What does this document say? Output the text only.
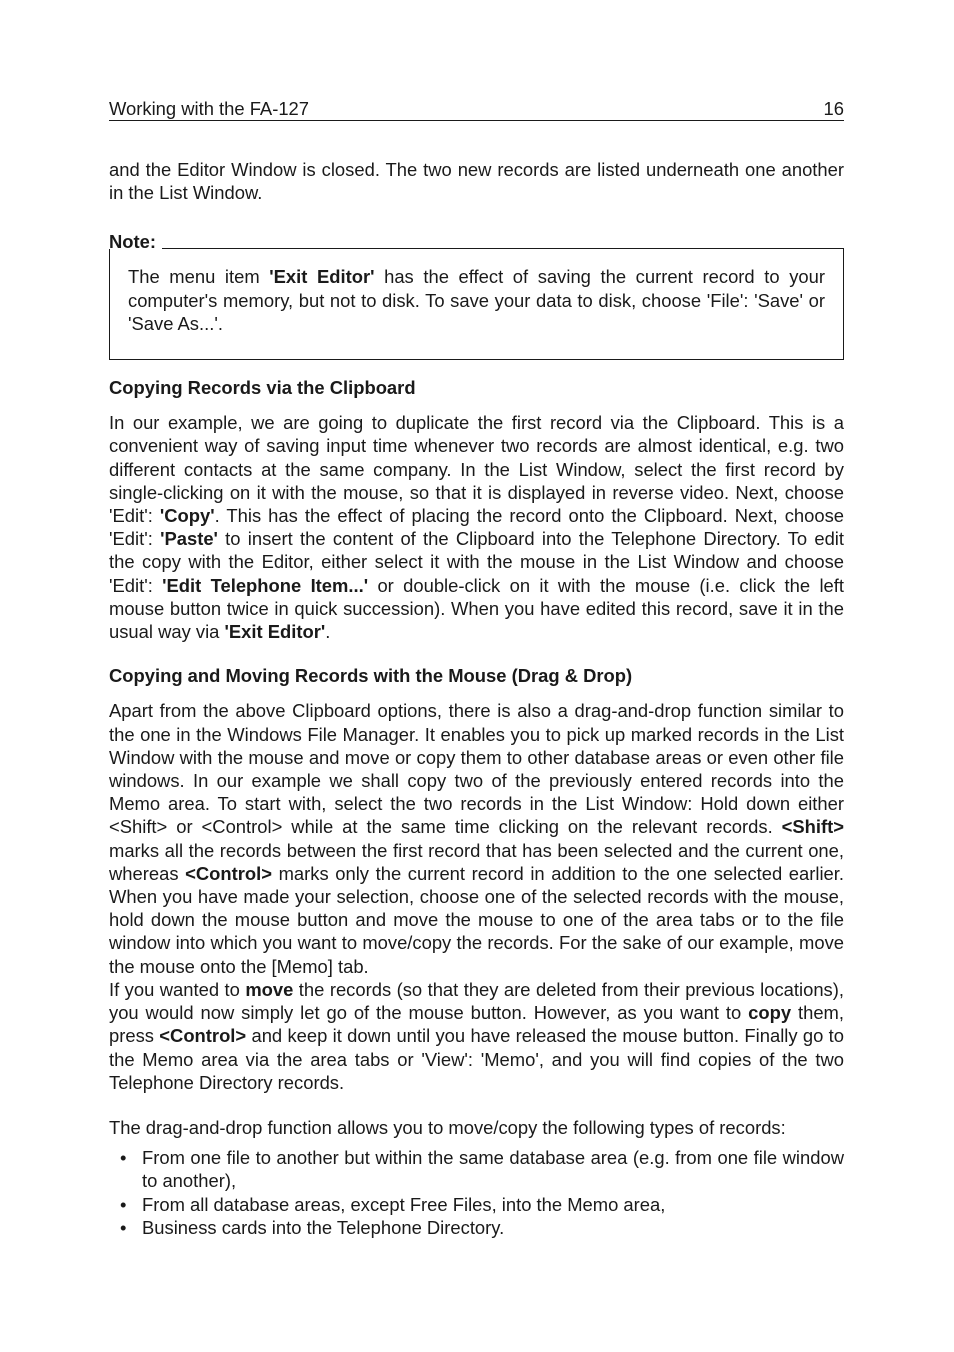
Working with the FA-127	16

and the Editor Window is closed. The two new records are listed underneath one another in the List Window.

Note:

The menu item 'Exit Editor' has the effect of saving the current record to your computer's memory, but not to disk. To save your data to disk, choose 'File': 'Save' or 'Save As...'.

Copying Records via the Clipboard

In our example, we are going to duplicate the first record via the Clipboard. This is a convenient way of saving input time whenever two records are almost identical, e.g. two different contacts at the same company. In the List Window, select the first record by single-clicking on it with the mouse, so that it is displayed in reverse video. Next, choose 'Edit': 'Copy'. This has the effect of placing the record onto the Clipboard. Next, choose 'Edit': 'Paste' to insert the content of the Clipboard into the Telephone Directory. To edit the copy with the Editor, either select it with the mouse in the List Window and choose 'Edit': 'Edit Telephone Item...' or double-click on it with the mouse (i.e. click the left mouse button twice in quick succession). When you have edited this record, save it in the usual way via 'Exit Editor'.

Copying and Moving Records with the Mouse (Drag & Drop)

Apart from the above Clipboard options, there is also a drag-and-drop function similar to the one in the Windows File Manager. It enables you to pick up marked records in the List Window with the mouse and move or copy them to other database areas or even other file windows. In our example we shall copy two of the previously entered records into the Memo area. To start with, select the two records in the List Window: Hold down either <Shift> or <Control> while at the same time clicking on the relevant records. <Shift> marks all the records between the first record that has been selected and the current one, whereas <Control> marks only the current record in addition to the one selected earlier. When you have made your selection, choose one of the selected records with the mouse, hold down the mouse button and move the mouse to one of the area tabs or to the file window into which you want to move/copy the records. For the sake of our example, move the mouse onto the [Memo] tab.

If you wanted to move the records (so that they are deleted from their previous locations), you would now simply let go of the mouse button. However, as you want to copy them, press <Control> and keep it down until you have released the mouse button. Finally go to the Memo area via the area tabs or 'View': 'Memo', and you will find copies of the two Telephone Directory records.

The drag-and-drop function allows you to move/copy the following types of records:

• From one file to another but within the same database area (e.g. from one file window to another),
• From all database areas, except Free Files, into the Memo area,
• Business cards into the Telephone Directory.
